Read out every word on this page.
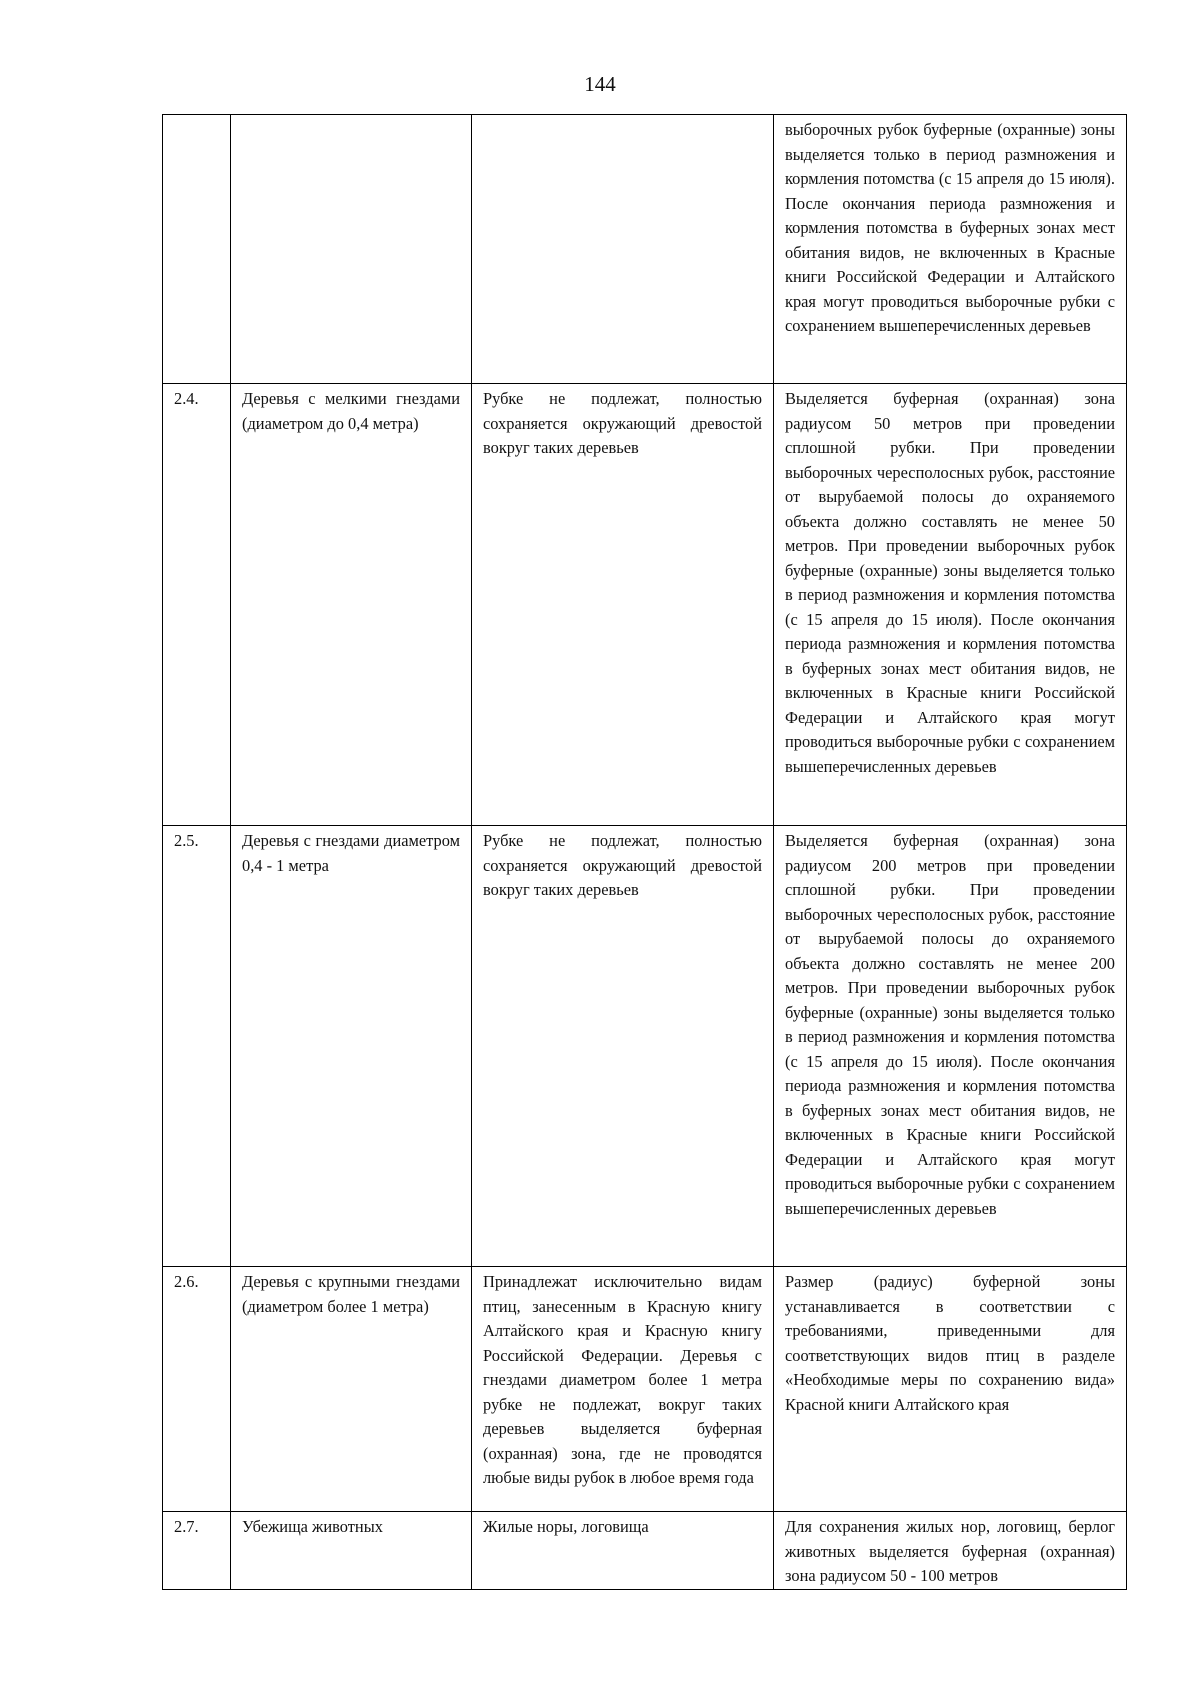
144
			выборочных рубок буферные (охранные) зоны выделяется только в период размножения и кормления потомства (с 15 апреля до 15 июля). После окончания периода размножения и кормления потомства в буферных зонах мест обитания видов, не включенных в Красные книги Российской Федерации и Алтайского края могут проводиться выборочные рубки с сохранением вышеперечисленных деревьев
2.4.	Деревья с мелкими гнездами (диаметром до 0,4 метра)	Рубке не подлежат, полностью сохраняется окружающий древостой вокруг таких деревьев	Выделяется буферная (охранная) зона радиусом 50 метров при проведении сплошной рубки. При проведении выборочных чересполосных рубок, расстояние от вырубаемой полосы до охраняемого объекта должно составлять не менее 50 метров. При проведении выборочных рубок буферные (охранные) зоны выделяется только в период размножения и кормления потомства (с 15 апреля до 15 июля). После окончания периода размножения и кормления потомства в буферных зонах мест обитания видов, не включенных в Красные книги Российской Федерации и Алтайского края могут проводиться выборочные рубки с сохранением вышеперечисленных деревьев
2.5.	Деревья с гнездами диаметром 0,4 - 1 метра	Рубке не подлежат, полностью сохраняется окружающий древостой вокруг таких деревьев	Выделяется буферная (охранная) зона радиусом 200 метров при проведении сплошной рубки. При проведении выборочных чересполосных рубок, расстояние от вырубаемой полосы до охраняемого объекта должно составлять не менее 200 метров. При проведении выборочных рубок буферные (охранные) зоны выделяется только в период размножения и кормления потомства (с 15 апреля до 15 июля). После окончания периода размножения и кормления потомства в буферных зонах мест обитания видов, не включенных в Красные книги Российской Федерации и Алтайского края могут проводиться выборочные рубки с сохранением вышеперечисленных деревьев
2.6.	Деревья с крупными гнездами (диаметром более 1 метра)	Принадлежат исключительно видам птиц, занесенным в Красную книгу Алтайского края и Красную книгу Российской Федерации. Деревья с гнездами диаметром более 1 метра рубке не подлежат, вокруг таких деревьев выделяется буферная (охранная) зона, где не проводятся любые виды рубок в любое время года	Размер (радиус) буферной зоны устанавливается в соответствии с требованиями, приведенными для соответствующих видов птиц в разделе «Необходимые меры по сохранению вида» Красной книги Алтайского края
2.7.	Убежища животных	Жилые норы, логовища	Для сохранения жилых нор, логовищ, берлог животных выделяется буферная (охранная) зона радиусом 50 - 100 метров
